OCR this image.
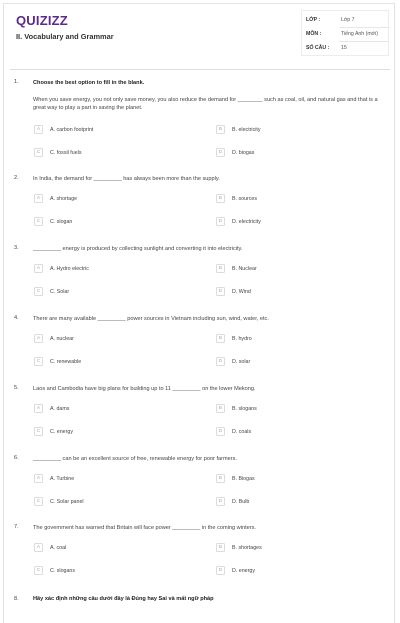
QUIZIZZ
II. Vocabulary and Grammar
LỚP :	Lớp 7
MÔN :	Tiếng Anh (mới)
SỐ CÂU : 15
1.	Choose the best option to fill in the blank.
When you save energy, you not only save money, you also reduce the demand for ________ such as coal, oil, and natural gas and that is a great way to play a part in saving the planet.
A	A. carbon footprint	B	B. electricity
C	C. fossil fuels	D	D. biogas
2.	In India, the demand for _________ has always been more than the supply.
A	A. shortage	B	B. sources
C	C. slogan	D	D. electricity
3.	_________ energy is produced by collecting sunlight and converting it into electricity.
A	A. Hydro electric	B	B. Nuclear
C	C. Solar	D	D. Wind
4.	There are many available _________ power sources in Vietnam including sun, wind, water, etc.
A	A. nuclear	B	B. hydro
C	C. renewable	D	D. solar
5.	Laos and Cambodia have big plans for building up to 11 _________ on the lower Mekong.
A	A. dams	B	B. slogans
C	C. energy	D	D. coals
6.	_________ can be an excellent source of free, renewable energy for poor farmers.
A	A. Turbine	B	B. Biogas
C	C. Solar panel	D	D. Bulb
7.	The government has warned that Britain will face power _________ in the coming winters.
A	A. coal	B	B. shortages
C	C. slogans	D	D. energy
8.	Hãy xác định những câu dưới đây là Đúng hay Sai và mất ngữ pháp
